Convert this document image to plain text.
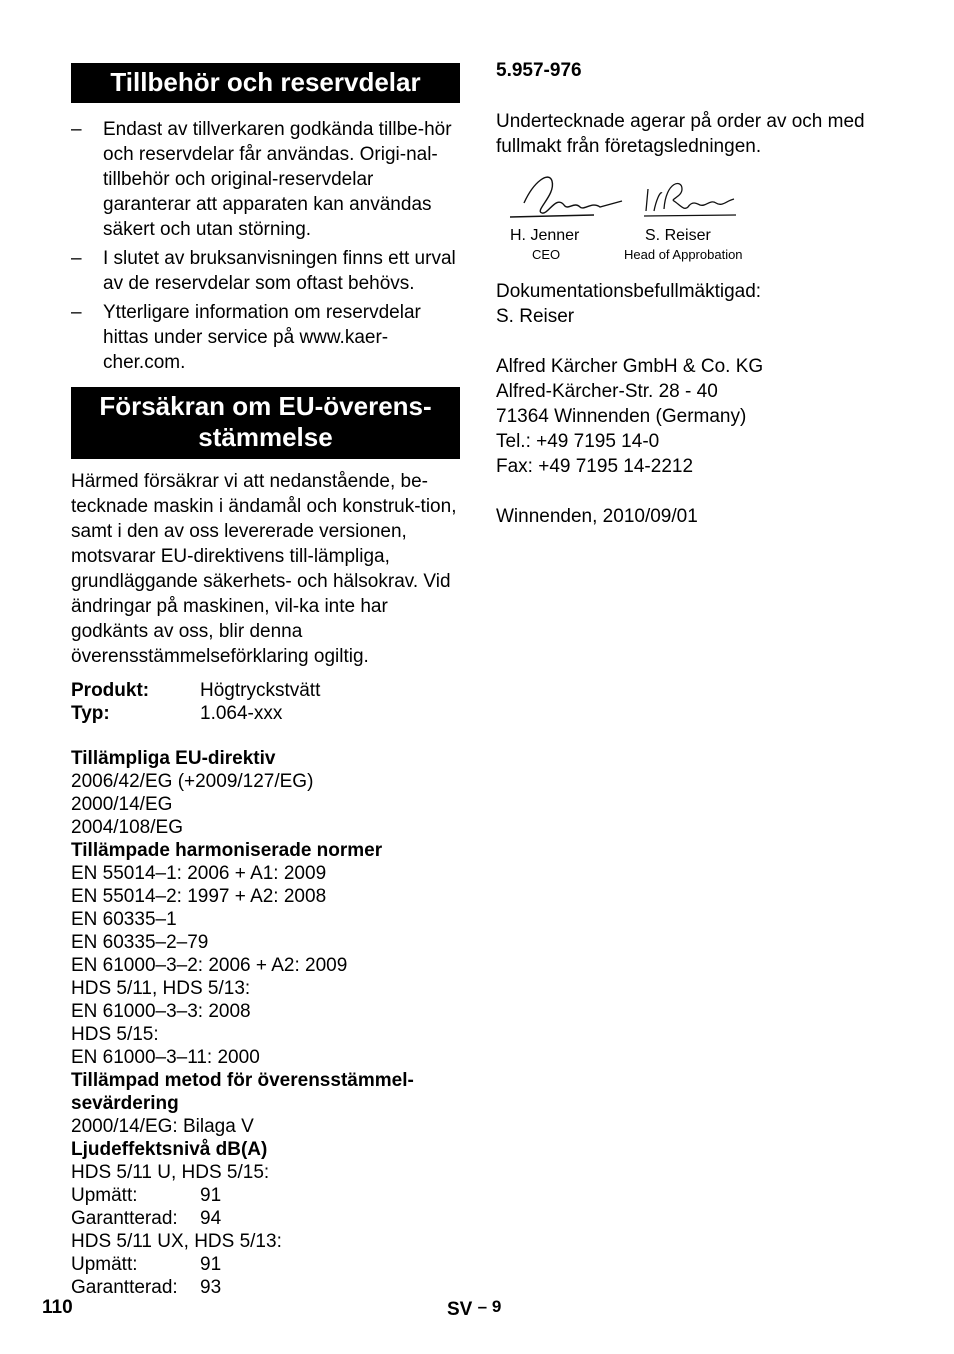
Tillbehör och reservdelar
– Endast av tillverkaren godkända tillbe-hör och reservdelar får användas. Origi-nal-tillbehör och original-reservdelar garanterar att apparaten kan användas säkert och utan störning.
– I slutet av bruksanvisningen finns ett urval av de reservdelar som oftast behövs.
– Ytterligare information om reservdelar hittas under service på www.kaer-cher.com.
Försäkran om EU-överens-
stämmelse

Härmed försäkrar vi att nedanstående, be-tecknade maskin i ändamål och konstruk-tion, samt i den av oss levererade versionen, motsvarar EU-direktivens till-lämpliga, grundläggande säkerhets- och hälsokrav. Vid ändringar på maskinen, vil-ka inte har godkänts av oss, blir denna överensstämmelseförklaring ogiltig.

Produkt:	Högtryckstvätt
Typ:	1.064-xxx
Tillämpliga EU-direktiv
2006/42/EG (+2009/127/EG)
2000/14/EG
2004/108/EG
Tillämpade harmoniserade normer
EN 55014–1: 2006 + A1: 2009
EN 55014–2: 1997 + A2: 2008
EN 60335–1
EN 60335–2–79
EN 61000–3–2: 2006 + A2: 2009
HDS 5/11, HDS 5/13:
EN 61000–3–3: 2008
HDS 5/15:
EN 61000–3–11: 2000
Tillämpad metod för överensstämmel-
sevärdering
2000/14/EG: Bilaga V
Ljudeffektsnivå dB(A)
HDS 5/11 U, HDS 5/15:
Upmätt:	91
Garantterad:	94
HDS 5/11 UX, HDS 5/13:
Upmätt:	91
Garantterad:	93
5.957-976
Undertecknade agerar på order av och med fullmakt från företagsledningen.
H. Jenner
CEO
S. Reiser
Head of Approbation
Dokumentationsbefullmäktigad:
S. Reiser
Alfred Kärcher GmbH & Co. KG
Alfred-Kärcher-Str. 28 - 40
71364 Winnenden (Germany)
Tel.: +49 7195 14-0
Fax: +49 7195 14-2212
Winnenden, 2010/09/01
110	SV – 9
